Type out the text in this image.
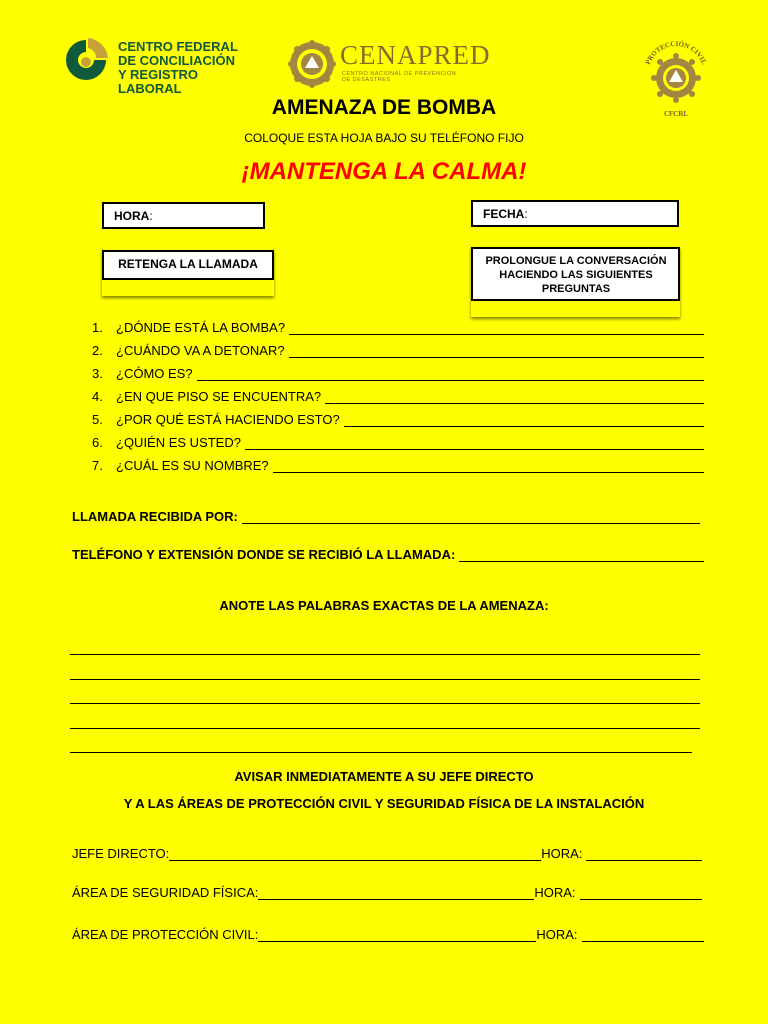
CENTRO FEDERAL
DE CONCILIACIÓN
Y REGISTRO LABORAL
CENAPRED
CENTRO NACIONAL DE PREVENCIÓN
DE DESASTRES
PROTECCIÓN CIVIL
CFCRL
AMENAZA DE BOMBA
COLOQUE ESTA HOJA BAJO SU TELÉFONO FIJO
¡MANTENGA LA CALMA!
HORA:	FECHA:
RETENGA LA LLAMADA	PROLONGUE LA CONVERSACIÓN HACIENDO LAS SIGUIENTES PREGUNTAS
1.	¿DÓNDE ESTÁ LA BOMBA?
2.	¿CUÁNDO VA A DETONAR?
3.	¿CÓMO ES?
4.	¿EN QUE PISO SE ENCUENTRA?
5.	¿POR QUÉ ESTÁ HACIENDO ESTO?
6.	¿QUIÉN ES USTED?
7.	¿CUÁL ES SU NOMBRE?
LLAMADA RECIBIDA POR:
TELÉFONO Y EXTENSIÓN DONDE SE RECIBIÓ LA LLAMADA:
ANOTE LAS PALABRAS EXACTAS DE LA AMENAZA:
AVISAR INMEDIATAMENTE A SU JEFE DIRECTO
Y A LAS ÁREAS DE PROTECCIÓN CIVIL Y SEGURIDAD FÍSICA DE LA INSTALACIÓN
JEFE DIRECTO:	HORA:
ÁREA DE SEGURIDAD FÍSICA:	HORA:
ÁREA DE PROTECCIÓN CIVIL:	HORA:
